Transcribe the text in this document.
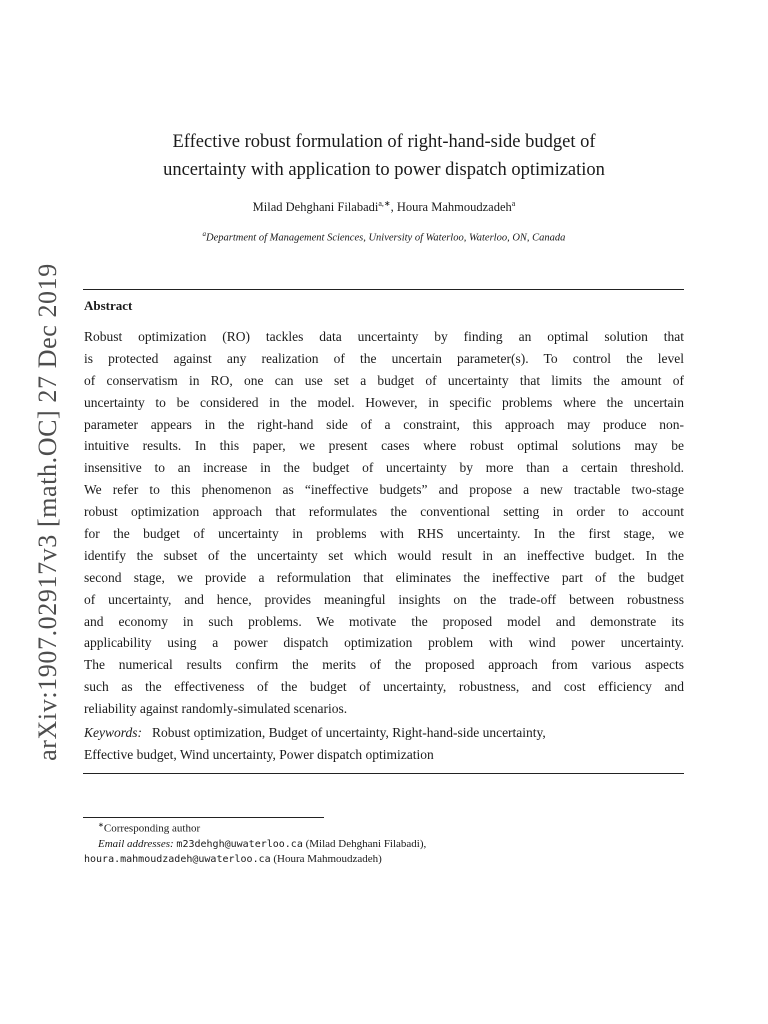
arXiv:1907.02917v3 [math.OC] 27 Dec 2019
Effective robust formulation of right-hand-side budget of
uncertainty with application to power dispatch optimization
Milad Dehghani Filabadi$^{a,∗}$, Houra Mahmoudzadeh$^a$
$^a$Department of Management Sciences, University of Waterloo, Waterloo, ON, Canada
Abstract
Robust optimization (RO) tackles data uncertainty by finding an optimal solution that
is protected against any realization of the uncertain parameter(s). To control the level
of conservatism in RO, one can use set a budget of uncertainty that limits the amount of
uncertainty to be considered in the model. However, in specific problems where the uncertain
parameter appears in the right-hand side of a constraint, this approach may produce non-
intuitive results. In this paper, we present cases where robust optimal solutions may be
insensitive to an increase in the budget of uncertainty by more than a certain threshold.
We refer to this phenomenon as “ineffective budgets” and propose a new tractable two-stage
robust optimization approach that reformulates the conventional setting in order to account
for the budget of uncertainty in problems with RHS uncertainty. In the first stage, we
identify the subset of the uncertainty set which would result in an ineffective budget. In the
second stage, we provide a reformulation that eliminates the ineffective part of the budget
of uncertainty, and hence, provides meaningful insights on the trade-off between robustness
and economy in such problems. We motivate the proposed model and demonstrate its
applicability using a power dispatch optimization problem with wind power uncertainty.
The numerical results confirm the merits of the proposed approach from various aspects
such as the effectiveness of the budget of uncertainty, robustness, and cost efficiency and
reliability against randomly-simulated scenarios.
Keywords: Robust optimization, Budget of uncertainty, Right-hand-side uncertainty,
Effective budget, Wind uncertainty, Power dispatch optimization
∗Corresponding author
Email addresses: m23dehgh@uwaterloo.ca (Milad Dehghani Filabadi),
houra.mahmoudzadeh@uwaterloo.ca (Houra Mahmoudzadeh)
